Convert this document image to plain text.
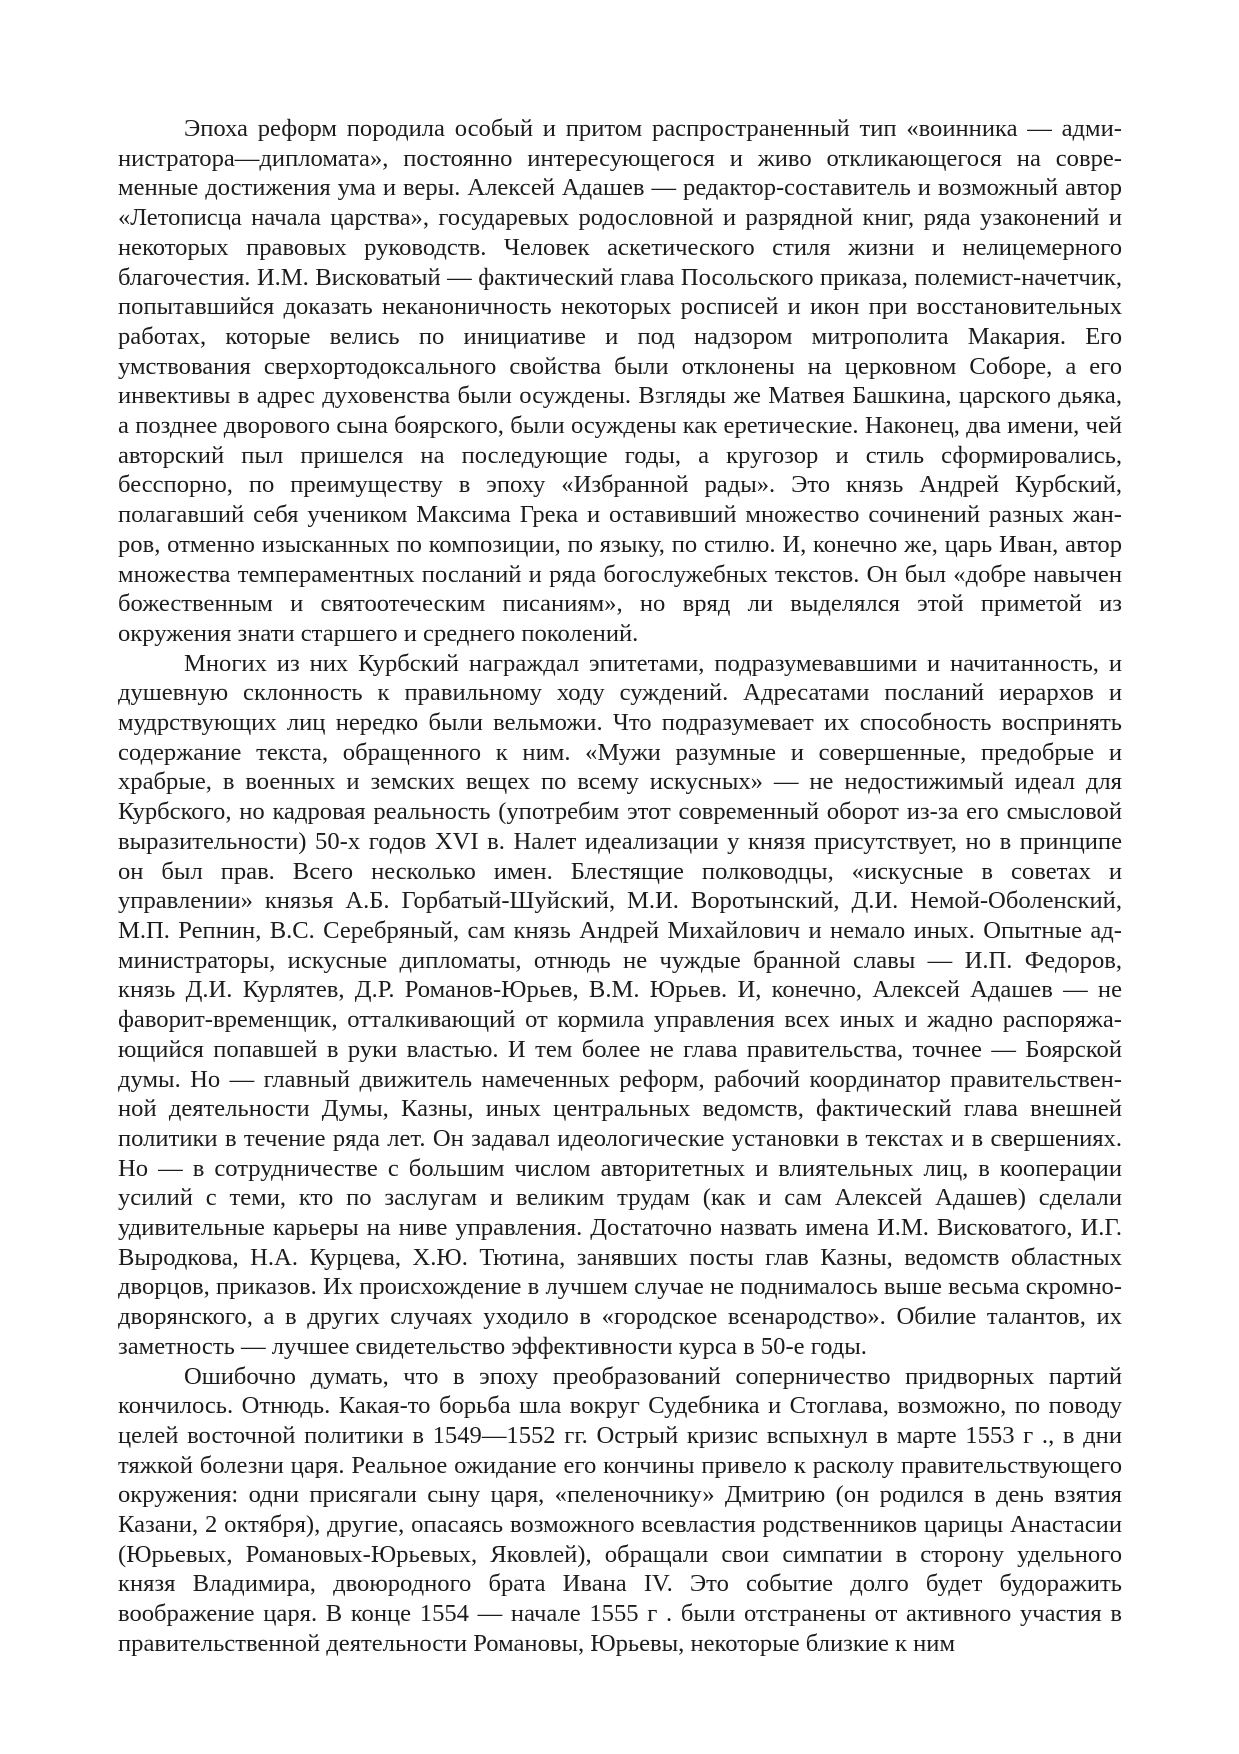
Эпоха реформ породила особый и притом распространенный тип «воинника — администратора—дипломата», постоянно интересующегося и живо откликающегося на современные достижения ума и веры. Алексей Адашев — редактор-составитель и возможный автор «Летописца начала царства», государевых родословной и разрядной книг, ряда узаконений и некоторых правовых руководств. Человек аскетического стиля жизни и нелицемерного благочестия. И.М. Висковатый — фактический глава Посольского приказа, полемист-начетчик, попытавшийся доказать неканоничность некоторых росписей и икон при восстановительных работах, которые велись по инициативе и под надзором митрополита Макария. Его умствования сверхортодоксального свойства были отклонены на церковном Соборе, а его инвективы в адрес духовенства были осуждены. Взгляды же Матвея Башкина, царского дьяка, а позднее дворового сына боярского, были осуждены как еретические. Наконец, два имени, чей авторский пыл пришелся на последующие годы, а кругозор и стиль сформировались, бесспорно, по преимуществу в эпоху «Избранной рады». Это князь Андрей Курбский, полагавший себя учеником Максима Грека и оставивший множество сочинений разных жанров, отменно изысканных по композиции, по языку, по стилю. И, конечно же, царь Иван, автор множества темпераментных посланий и ряда богослужебных текстов. Он был «добре навычен божественным и святоотеческим писаниям», но вряд ли выделялся этой приметой из окружения знати старшего и среднего поколений.

Многих из них Курбский награждал эпитетами, подразумевавшими и начитанность, и душевную склонность к правильному ходу суждений. Адресатами посланий иерархов и мудрствующих лиц нередко были вельможи. Что подразумевает их способность воспринять содержание текста, обращенного к ним. «Мужи разумные и совершенные, предобрые и храбрые, в военных и земских вещех по всему искусных» — не недостижимый идеал для Курбского, но кадровая реальность (употребим этот современный оборот из-за его смысловой выразительности) 50-х годов XVI в. Налет идеализации у князя присутствует, но в принципе он был прав. Всего несколько имен. Блестящие полководцы, «искусные в советах и управлении» князья А.Б. Горбатый-Шуйский, М.И. Воротынский, Д.И. Немой-Оболенский, М.П. Репнин, В.С. Серебряный, сам князь Андрей Михайлович и немало иных. Опытные администраторы, искусные дипломаты, отнюдь не чуждые бранной славы — И.П. Федоров, князь Д.И. Курлятев, Д.Р. Романов-Юрьев, В.М. Юрьев. И, конечно, Алексей Адашев — не фаворит-временщик, отталкивающий от кормила управления всех иных и жадно распоряжающийся попавшей в руки властью. И тем более не глава правительства, точнее — Боярской думы. Но — главный движитель намеченных реформ, рабочий координатор правительственной деятельности Думы, Казны, иных центральных ведомств, фактический глава внешней политики в течение ряда лет. Он задавал идеологические установки в текстах и в свершениях. Но — в сотрудничестве с большим числом авторитетных и влиятельных лиц, в кооперации усилий с теми, кто по заслугам и великим трудам (как и сам Алексей Адашев) сделали удивительные карьеры на ниве управления. Достаточно назвать имена И.М. Висковатого, И.Г. Выродкова, Н.А. Курцева, Х.Ю. Тютина, занявших посты глав Казны, ведомств областных дворцов, приказов. Их происхождение в лучшем случае не поднималось выше весьма скромно-дворянского, а в других случаях уходило в «городское всенародство». Обилие талантов, их заметность — лучшее свидетельство эффективности курса в 50-е годы.

Ошибочно думать, что в эпоху преобразований соперничество придворных партий кончилось. Отнюдь. Какая-то борьба шла вокруг Судебника и Стоглава, возможно, по поводу целей восточной политики в 1549—1552 гг. Острый кризис вспыхнул в марте 1553 г ., в дни тяжкой болезни царя. Реальное ожидание его кончины привело к расколу правительствующего окружения: одни присягали сыну царя, «пеленочнику» Дмитрию (он родился в день взятия Казани, 2 октября), другие, опасаясь возможного всевластия родственников царицы Анастасии (Юрьевых, Романовых-Юрьевых, Яковлей), обращали свои симпатии в сторону удельного князя Владимира, двоюродного брата Ивана IV. Это событие долго будет будоражить воображение царя. В конце 1554 — начале 1555 г . были отстранены от активного участия в правительственной деятельности Романовы, Юрьевы, некоторые близкие к ним
